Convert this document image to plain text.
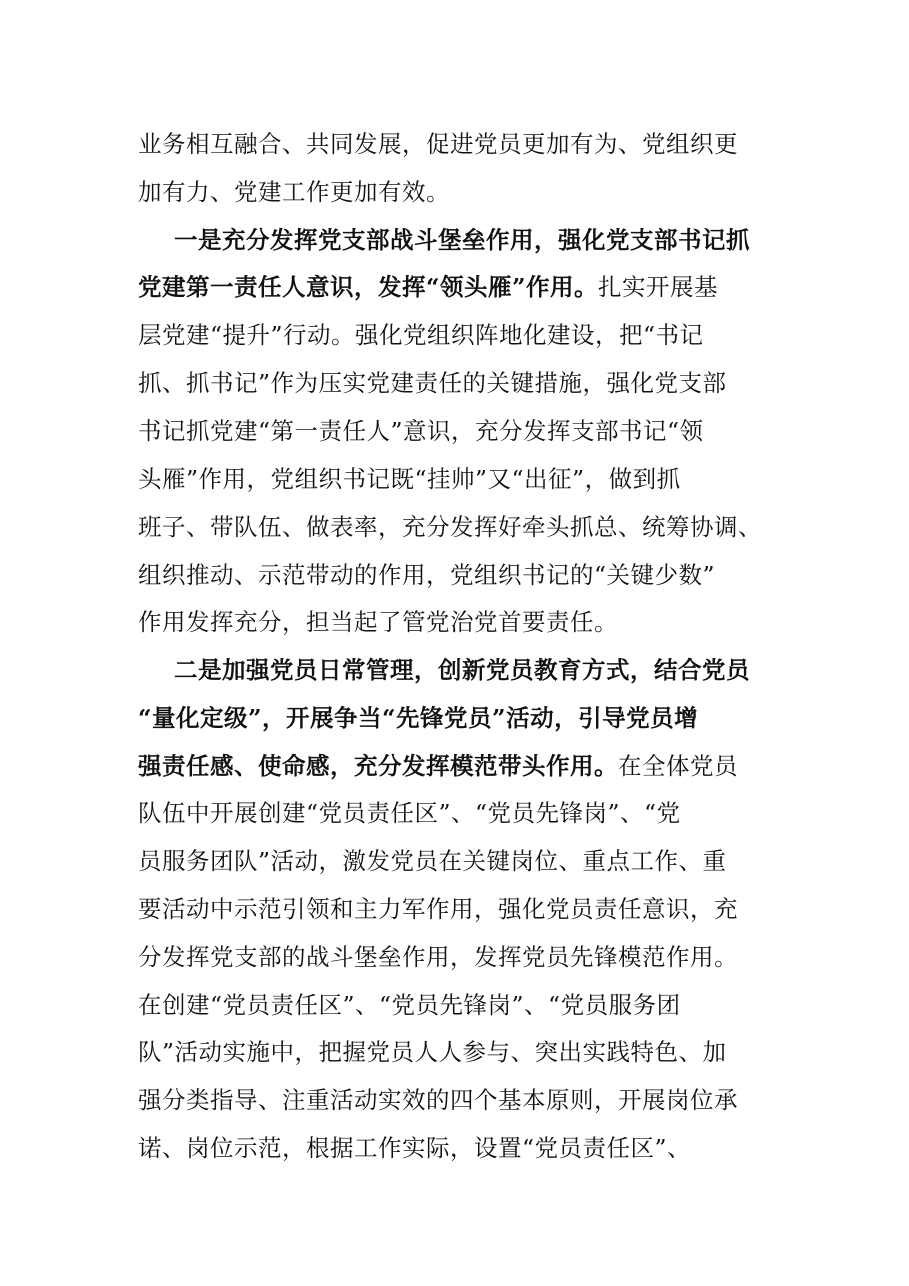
业务相互融合、共同发展，促进党员更加有为、党组织更
加有力、党建工作更加有效。
一是充分发挥党支部战斗堡垒作用，强化党支部书记抓
党建第一责任人意识，发挥“领头雁”作用。扎实开展基
层党建“提升”行动。强化党组织阵地化建设，把“书记
抓、抓书记”作为压实党建责任的关键措施，强化党支部
书记抓党建“第一责任人”意识，充分发挥支部书记“领
头雁”作用，党组织书记既“挂帅”又“出征”，做到抓
班子、带队伍、做表率，充分发挥好牵头抓总、统筹协调、
组织推动、示范带动的作用，党组织书记的“关键少数”
作用发挥充分，担当起了管党治党首要责任。
二是加强党员日常管理，创新党员教育方式，结合党员
“量化定级”，开展争当“先锋党员”活动，引导党员增
强责任感、使命感，充分发挥模范带头作用。在全体党员
队伍中开展创建“党员责任区”、“党员先锋岗”、“党
员服务团队”活动，激发党员在关键岗位、重点工作、重
要活动中示范引领和主力军作用，强化党员责任意识，充
分发挥党支部的战斗堡垒作用，发挥党员先锋模范作用。
在创建“党员责任区”、“党员先锋岗”、“党员服务团
队”活动实施中，把握党员人人参与、突出实践特色、加
强分类指导、注重活动实效的四个基本原则，开展岗位承
诺、岗位示范，根据工作实际，设置“党员责任区”、
